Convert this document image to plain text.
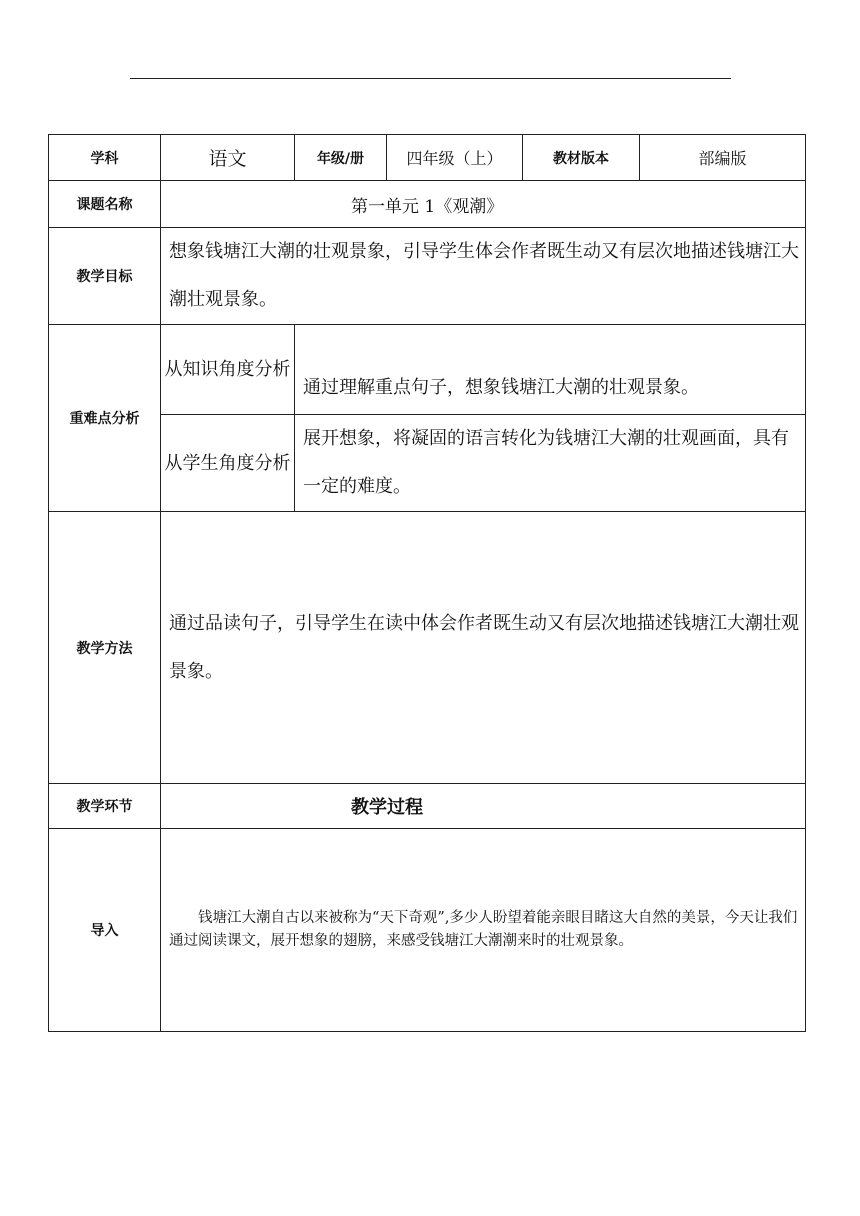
学科	语文	年级/册	四年级（上）	教材版本	部编版
课题名称	第一单元 1《观潮》				
教学目标	想象钱塘江大潮的壮观景象，引导学生体会作者既生动又有层次地描述钱塘江大潮壮观景象。				
重难点分析	从知识角度分析	通过理解重点句子，想象钱塘江大潮的壮观景象。			
	从学生角度分析	展开想象，将凝固的语言转化为钱塘江大潮的壮观画面，具有一定的难度。			
教学方法	通过品读句子，引导学生在读中体会作者既生动又有层次地描述钱塘江大潮壮观景象。				
教学环节	教学过程				
导入	钱塘江大潮自古以来被称为“天下奇观”,多少人盼望着能亲眼目睹这大自然的美景，今天让我们通过阅读课文，展开想象的翅膀，来感受钱塘江大潮潮来时的壮观景象。				
